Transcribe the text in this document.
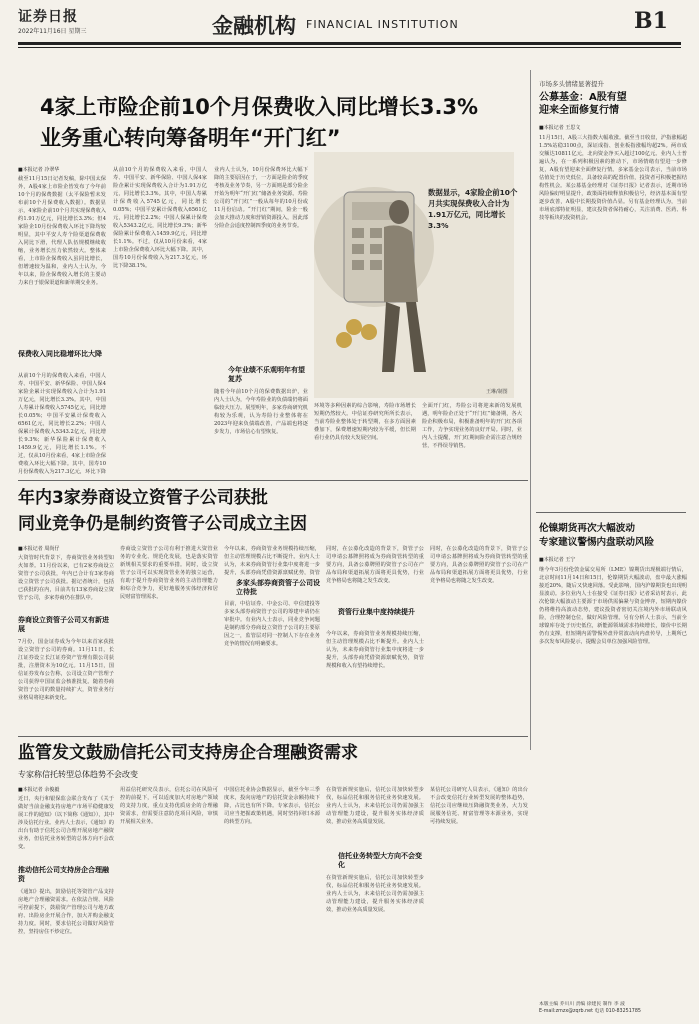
证券日报
2022年11月16日 星期三	金融机构 FINANCIAL INSTITUTION	B1
4家上市险企前10个月保费收入同比增长3.3%
业务重心转向筹备明年“开门红”
■本报记者 冷翠华
截至11月15日记者发稿，除中国太保外，A股4家上市险企皆发布了今年前10个月的保费数据（太平保险暂未发布前10个月保费收入数据）。数据显示，4家险企前10个月共实现保费收入约1.91万亿元，同比增长3.3%；但4家险企10月份保费收入环比下降均较明显，其中平安人寿个险渠道保费收入同比下滑，代理人队伍规模继续收缩，业务增长压力依然较大。整体来看，上市险企保费收入虽同比增长，但增速较为温和，业内人士认为，今年以来，险企保费收入增长的主要动力来自于银保渠道和新单期交业务。
保费收入同比稳增环比大降
从前10个月的保费收入来看，中国人寿、中国平安、新华保险、中国人保4家险企累计实现保费收入合计为1.91万亿元，同比增长3.3%。其中，中国人寿累计保费收入5745亿元，同比增长0.05%；中国平安累计保费收入6561亿元，同比增长2.2%；中国人保累计保费收入5343.2亿元，同比增长9.3%；新华保险累计保费收入1459.9亿元，同比增长1.1%。不过，仅从10月份来看，4家上市险企保费收入环比大幅下降。其中，国寿10月份保费收入为217.3亿元，环比下降
从前10个月的保费收入来看，中国人寿、中国平安、新华保险、中国人保4家险企累计实现保费收入合计为1.91万亿元，同比增长3.3%。其中，中国人寿累计保费收入5745亿元，同比增长0.05%；中国平安累计保费收入6561亿元，同比增长2.2%；中国人保累计保费收入5343.2亿元，同比增长9.3%；新华保险累计保费收入1459.9亿元，同比增长1.1%。不过，仅从10月份来看，4家上市险企保费收入环比大幅下降。其中，国寿10月份保费收入为217.3亿元，环比下降38.1%。
业内人士认为，10月份保费环比大幅下降的主要原因在于，一方面是险企的季度考核及业务节奏，另一方面则是部分险企开始为明年“开门红”储备业务资源。寿险公司的“开门红”一般从每年的10月份或11月份启动。“开门红”期间，险企一般会加大推动力度和营销资源投入，因此部分险企会适度控制四季度的业务节奏。
今年业绩不乐观明年有望复苏
随着今年前10个月的保费数据出炉，业内人士认为，今年寿险业的负债端仍将面临较大压力。展望明年，多家券商研究机构较为乐观，认为寿险行业整体将在2023年迎来负债端改善，产品端也将逐步发力，市场信心有望恢复。
数据显示，4家险企前10个月共实现保费收入合计为1.91万亿元，同比增长3.3%
王琳/制图
环境等多种因素的综合影响，寿险市场增长短期仍然较大。中信证券研究所所长表示，当前寿险业整体处于转型期，在多方面因素叠加下，保费增速短期内较为平缓，但长期看行业仍具有较大发展空间。
全面开门红，寿险公司将迎来新的发展机遇，明年险企正处于“开门红”储备期，各大险企积极布局，积极准备明年的开门红各项工作，力争实现业务的良好开局。同时，业内人士提醒，开门红期间险企需注意合规经营，不得误导销售。
市场多头情绪显著提升
公募基金：A股有望
迎来全面修复行情
■本报记者 王思文
11月15日，A股三大指数大幅收涨。截至当日收盘，沪指涨幅超1.5%站稳3100点，深证成指、创业板指涨幅均超2%。两市成交额达10811亿元，北向资金净买入超过100亿元。业内人士普遍认为，在一系列积极因素的推动下，市场情绪有望进一步修复，A股有望迎来全面修复行情。多家基金公司表示，当前市场估值处于历史低位，具备较高的配置价值，投资者可积极把握结构性机会。某公募基金经理对《证券日报》记者表示，近期市场风险偏好明显提升，政策面持续释放积极信号，经济基本面有望逐步改善，A股中长期投资价值凸显。另有基金经理认为，当前市场底部特征明显，建议投资者保持耐心，关注消费、医药、科技等板块的投资机会。
年内3家券商设立资管子公司获批
同业竞争仍是制约资管子公司成立主因
■本报记者 周尚仔
大资管时代背景下，券商资管业务转型如火如荼。11月份以来，已有2家券商设立资管子公司获批，年内已合计有3家券商设立资管子公司获批。据记者统计，包括已获批的在内，目前共有13家券商设立资管子公司，多家券商仍在排队中。
券商设立资管子公司又有新进展
7月份，国金证券成为今年以来首家获批设立资管子公司的券商。11月11日，长江证券设立长江证券资产管理有限公司获批，注册资本为10亿元。11月15日，国信证券发布公告称，公司设立资产管理子公司获得中国证监会核准批复。随着券商资管子公司的数量持续扩大，资管业务行业格局将迎来新变化。
券商设立资管子公司有利于推进大资管业务的专业化、规范化发展，也是落实资管新规相关要求的重要举措。同时，设立资管子公司可以实现资管业务的独立运营，有助于提升券商资管业务的主动管理能力和综合竞争力，更好地服务实体经济和居民财富管理需求。
今年以来，券商资管业务规模持续压缩，但主动管理规模占比不断提升。业内人士认为，未来券商资管行业集中度将进一步提升，头部券商凭借资源禀赋优势，资管
多家头部券商资管子公司设立待批
目前，中信证券、中金公司、中信建投等多家头部券商资管子公司的筹建申请仍在审批中。有业内人士表示，同业竞争问题是制约部分券商设立资管子公司的主要原因之一，监管层对同一控制人下存在业务竞争的情况有明确要求。
同时，在公募化改造的背景下，资管子公司申请公募牌照将成为券商资管转型的重要方向，具备公募牌照的资管子公司在产品布局和渠道拓展方面将更具优势，行业竞争格局也将随之发生改变。
资管行业集中度持续提升
今年以来，券商资管业务规模持续压缩，但主动管理规模占比不断提升。业内人士认为，未来券商资管行业集中度将进一步提升，头部券商凭借资源禀赋优势，资管规模和收入有望持续增长。
同时，在公募化改造的背景下，资管子公司申请公募牌照将成为券商资管转型的重要方向，具备公募牌照的资管子公司在产品布局和渠道拓展方面将更具优势，行业竞争格局也将随之发生改变。
伦镍期货再次大幅波动
专家建议警惕内盘联动风险
■本报记者 王宁
继今年3月份伦敦金属交易所（LME）镍期货出现极端行情后，北京时间11月14日和15日，伦镍期货大幅波动，盘中最大涨幅接近20%，随后又快速回落。受此影响，国内沪镍期货也出现明显波动。多位业内人士在接受《证券日报》记者采访时表示，此次伦镍大幅波动主要源于市场供需偏紧与资金博弈，短期内镍价仍将维持高波动态势，建议投资者密切关注境内外市场联动风险，合理控制仓位，做好风险管理。另有分析人士表示，当前全球镍库存处于历史低位，新能源领域需求持续增长，镍价中长期仍有支撑，但短期内需警惕外盘异常波动向内盘传导，上期所已多次发布风险提示，提醒会员单位加强风险管理。
监管发文鼓励信托公司支持房企合理融资需求
专家称信托转型总体趋势不会改变
■本报记者 余俊毅
近日，央行和银保监会联合发布了《关于做好当前金融支持房地产市场平稳健康发展工作的通知》（以下简称《通知》），其中涉及信托行业。业内人士表示，《通知》的出台有助于信托公司合理开展房地产融资业务，但信托业务转型的总体方向不会改变。
推动信托公司支持房企合理融资
《通知》提出，鼓励信托等资管产品支持房地产合理融资需求。在依法合规、风险可控前提下，鼓励资产管理公司与地方政府、出险房企开展合作，加大并购金融支持力度。同时，要求信托公司做好风险管控，坚持房住不炒定位。
用益信托研究员表示，信托公司在风险可控的前提下，可以适度加大对房地产领域的支持力度，重点支持优质房企的合理融资需求，但需要注意防范项目风险，审慎开展相关业务。
中国信托业协会数据显示，截至今年三季度末，投向房地产的信托资金余额持续下降，占比也有所下降。专家表示，信托公司应当把握政策机遇，同时坚持回归本源的转型方向。
在资管新规实施后，信托公司加快转型步伐，标品信托和服务信托业务快速发展。业内人士认为，未来信托公司仍需加强主动管理能力建设，提升服务实体经济质效，推动业务高质量发展。
信托业务转型大方向不会变化
在资管新规实施后，信托公司加快转型步伐，标品信托和服务信托业务快速发展。业内人士认为，未来信托公司仍需加强主动管理能力建设，提升服务实体经济质效，推动业务高质量发展。
某信托公司研究人员表示，《通知》的出台不会改变信托行业转型发展的整体趋势，信托公司应继续压降融资类业务，大力发展服务信托、财富管理等本源业务，实现可持续发展。
本版主编 乔川川 责编 徐建民 制作 李 波
E-mail:zmzx@zqrb.net 电话 010-83251785
